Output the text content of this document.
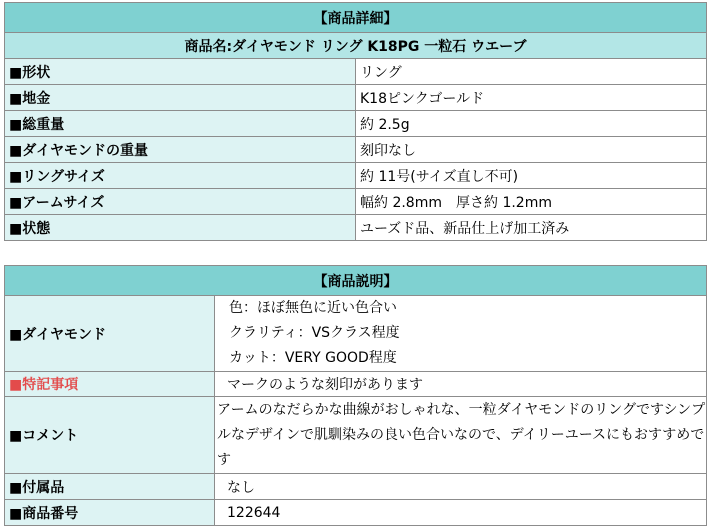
【商品詳細】	
商品名:ダイヤモンド リング K18PG 一粒石 ウエーブ	
■形状	リング
■地金	K18ピンクゴールド
■総重量	約 2.5g
■ダイヤモンドの重量	刻印なし
■リングサイズ	約 11号(サイズ直し不可)
■アームサイズ	幅約 2.8mm　厚さ約 1.2mm
■状態	ユーズド品、新品仕上げ加工済み
【商品説明】	
■ダイヤモンド	色：ほぼ無色に近い色合い
クラリティ：VSクラス程度
カット：VERY GOOD程度

■特記事項	マークのような刻印があります
■コメント	アームのなだらかな曲線がおしゃれな、一粒ダイヤモンドのリングですシンプルなデザインで肌馴染みの良い色合いなので、デイリーユースにもおすすめです

■付属品	なし
■商品番号	122644
